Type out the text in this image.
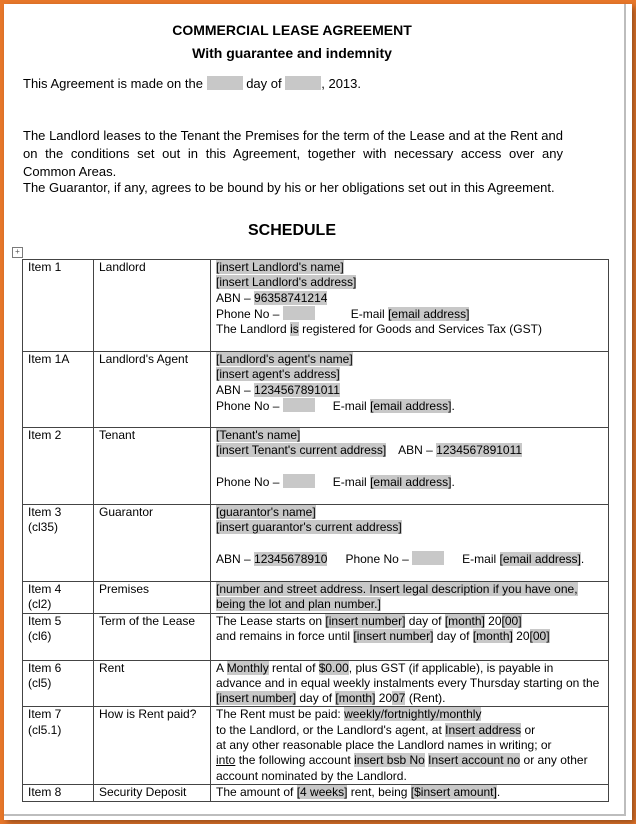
COMMERCIAL LEASE AGREEMENT
With guarantee and indemnity
This Agreement is made on the	day of	, 2013.
The Landlord leases to the Tenant the Premises for the term of the Lease and at the Rent and on the conditions set out in this Agreement, together with necessary access over any Common Areas.
The Guarantor, if any, agrees to be bound by his or her obligations set out in this Agreement.
SCHEDULE
+
Item 1	Landlord	[insert Landlord's name]
[insert Landlord's address]
ABN – 96358741214
Phone No – E-mail [email address]
The Landlord is registered for Goods and Services Tax (GST)

Item 1A	Landlord's Agent	[Landlord's agent's name]
[insert agent's address]
ABN – 1234567891011
Phone No – E-mail [email address].

Item 2	Tenant	[Tenant's name]
[insert Tenant's current address] ABN – 1234567891011

Phone No – E-mail [email address].

Item 3
(cl35)	Guarantor	[guarantor's name]
[insert guarantor's current address]

ABN – 12345678910 Phone No – E-mail [email address].

Item 4
(cl2)	Premises	[number and street address. Insert legal description if you have one,
being the lot and plan number.]

Item 5
(cl6)	Term of the Lease	The Lease starts on [insert number] day of [month] 20[00]
and remains in force until [insert number] day of [month] 20[00]

Item 6
(cl5)	Rent	A Monthly rental of $0.00, plus GST (if applicable), is payable in
advance and in equal weekly instalments every Thursday starting on the
[insert number] day of [month] 2007 (Rent).

Item 7
(cl5.1)	How is Rent paid?	The Rent must be paid: weekly/fortnightly/monthly
to the Landlord, or the Landlord's agent, at Insert address or
at any other reasonable place the Landlord names in writing; or
into the following account insert bsb No Insert account no or any other
account nominated by the Landlord.

Item 8	Security Deposit	The amount of [4 weeks] rent, being [$insert amount].
